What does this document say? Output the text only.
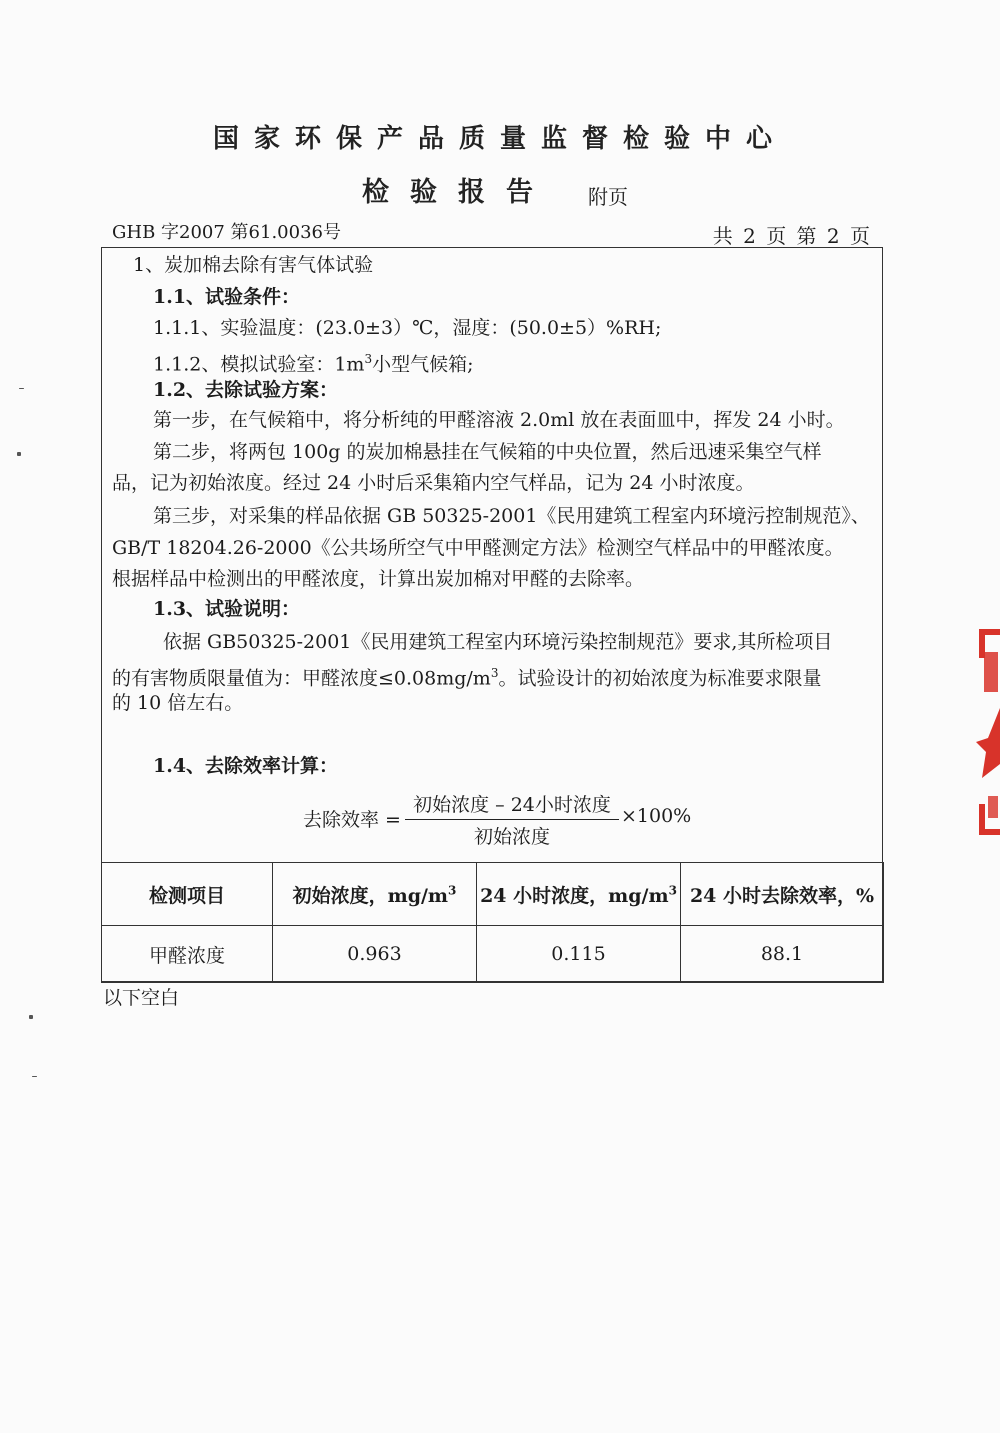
国家环保产品质量监督检验中心
检验报告 附页
GHB 字2007 第61.0036号	共 2 页 第 2 页
1、炭加棉去除有害气体试验
1.1、试验条件：
1.1.1、实验温度：(23.0±3）℃，湿度：(50.0±5）%RH;
1.1.2、模拟试验室：$1m^3$小型气候箱;
1.2、去除试验方案：
第一步，在气候箱中，将分析纯的甲醛溶液 2.0ml 放在表面皿中，挥发 24 小时。
第二步，将两包 100g 的炭加棉悬挂在气候箱的中央位置，然后迅速采集空气样
品，记为初始浓度。经过 24 小时后采集箱内空气样品，记为 24 小时浓度。
第三步，对采集的样品依据 GB 50325-2001《民用建筑工程室内环境污控制规范》、
GB/T 18204.26-2000《公共场所空气中甲醛测定方法》检测空气样品中的甲醛浓度。
根据样品中检测出的甲醛浓度，计算出炭加棉对甲醛的去除率。
1.3、试验说明：
依据 GB50325-2001《民用建筑工程室内环境污染控制规范》要求,其所检项目
的有害物质限量值为：甲醛浓度$\le 0.08mg/m^3$。试验设计的初始浓度为标准要求限量
的 10 倍左右。
1.4、去除效率计算：
去除效率 =
初始浓度 – 24小时浓度
初始浓度
×100%
检测项目	初始浓度，$mg/m^3$	24 小时浓度，$mg/m^3$	24 小时去除效率，%
甲醛浓度	0.963	0.115	88.1
以下空白
